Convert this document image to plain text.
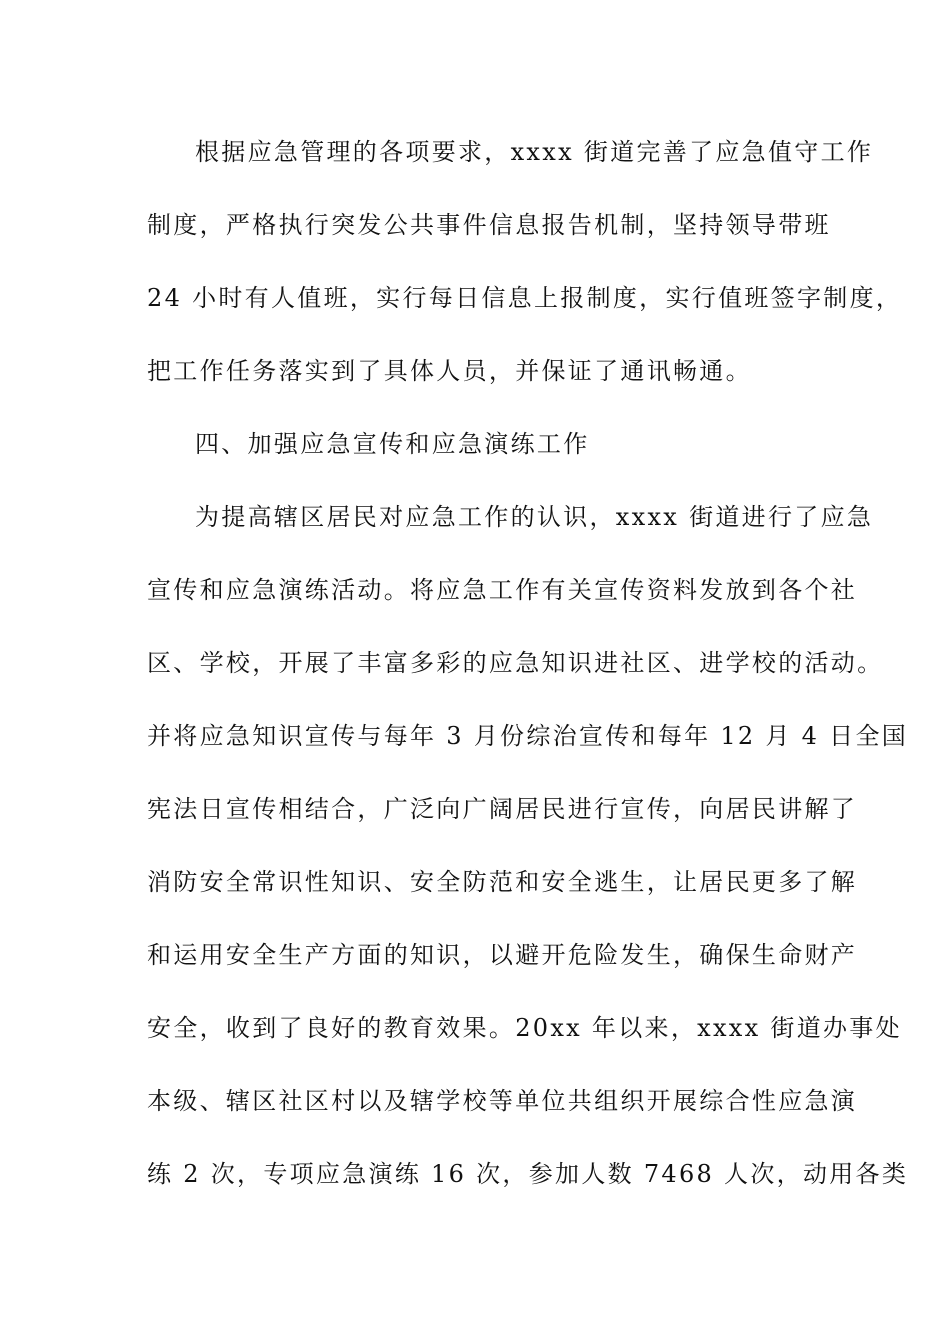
根据应急管理的各项要求，xxxx 街道完善了应急值守工作
制度，严格执行突发公共事件信息报告机制，坚持领导带班
24 小时有人值班，实行每日信息上报制度，实行值班签字制度，
把工作任务落实到了具体人员，并保证了通讯畅通。
四、加强应急宣传和应急演练工作
为提高辖区居民对应急工作的认识，xxxx 街道进行了应急
宣传和应急演练活动。将应急工作有关宣传资料发放到各个社
区、学校，开展了丰富多彩的应急知识进社区、进学校的活动。
并将应急知识宣传与每年 3 月份综治宣传和每年 12 月 4 日全国
宪法日宣传相结合，广泛向广阔居民进行宣传，向居民讲解了
消防安全常识性知识、安全防范和安全逃生，让居民更多了解
和运用安全生产方面的知识，以避开危险发生，确保生命财产
安全，收到了良好的教育效果。20xx 年以来，xxxx 街道办事处
本级、辖区社区村以及辖学校等单位共组织开展综合性应急演
练 2 次，专项应急演练 16 次，参加人数 7468 人次，动用各类
